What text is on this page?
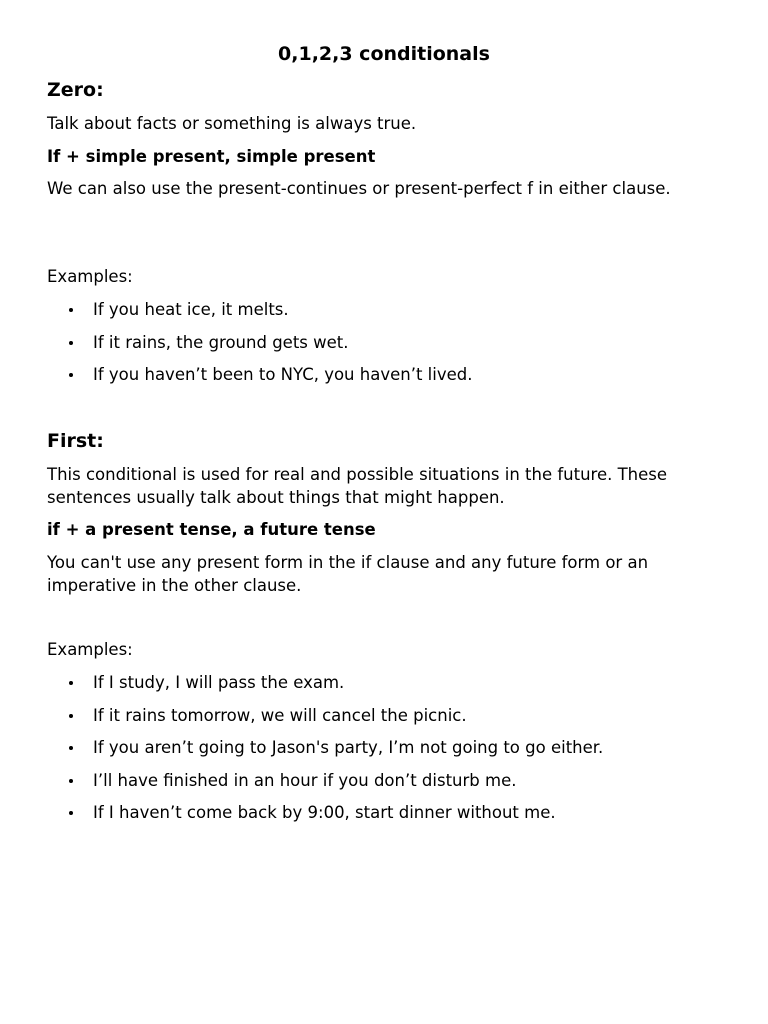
0,1,2,3 conditionals
Zero:

Talk about facts or something is always true.

If + simple present, simple present

We can also use the present-continues or present-perfect f in either clause.

Examples:

If you heat ice, it melts.
If it rains, the ground gets wet.
If you haven’t been to NYC, you haven’t lived.
First:

This conditional is used for real and possible situations in the future. These sentences usually talk about things that might happen.

if + a present tense, a future tense

You can't use any present form in the if clause and any future form or an imperative in the other clause.

Examples:

If I study, I will pass the exam.
If it rains tomorrow, we will cancel the picnic.
If you aren’t going to Jason's party, I’m not going to go either.
I’ll have finished in an hour if you don’t disturb me.
If I haven’t come back by 9:00, start dinner without me.
